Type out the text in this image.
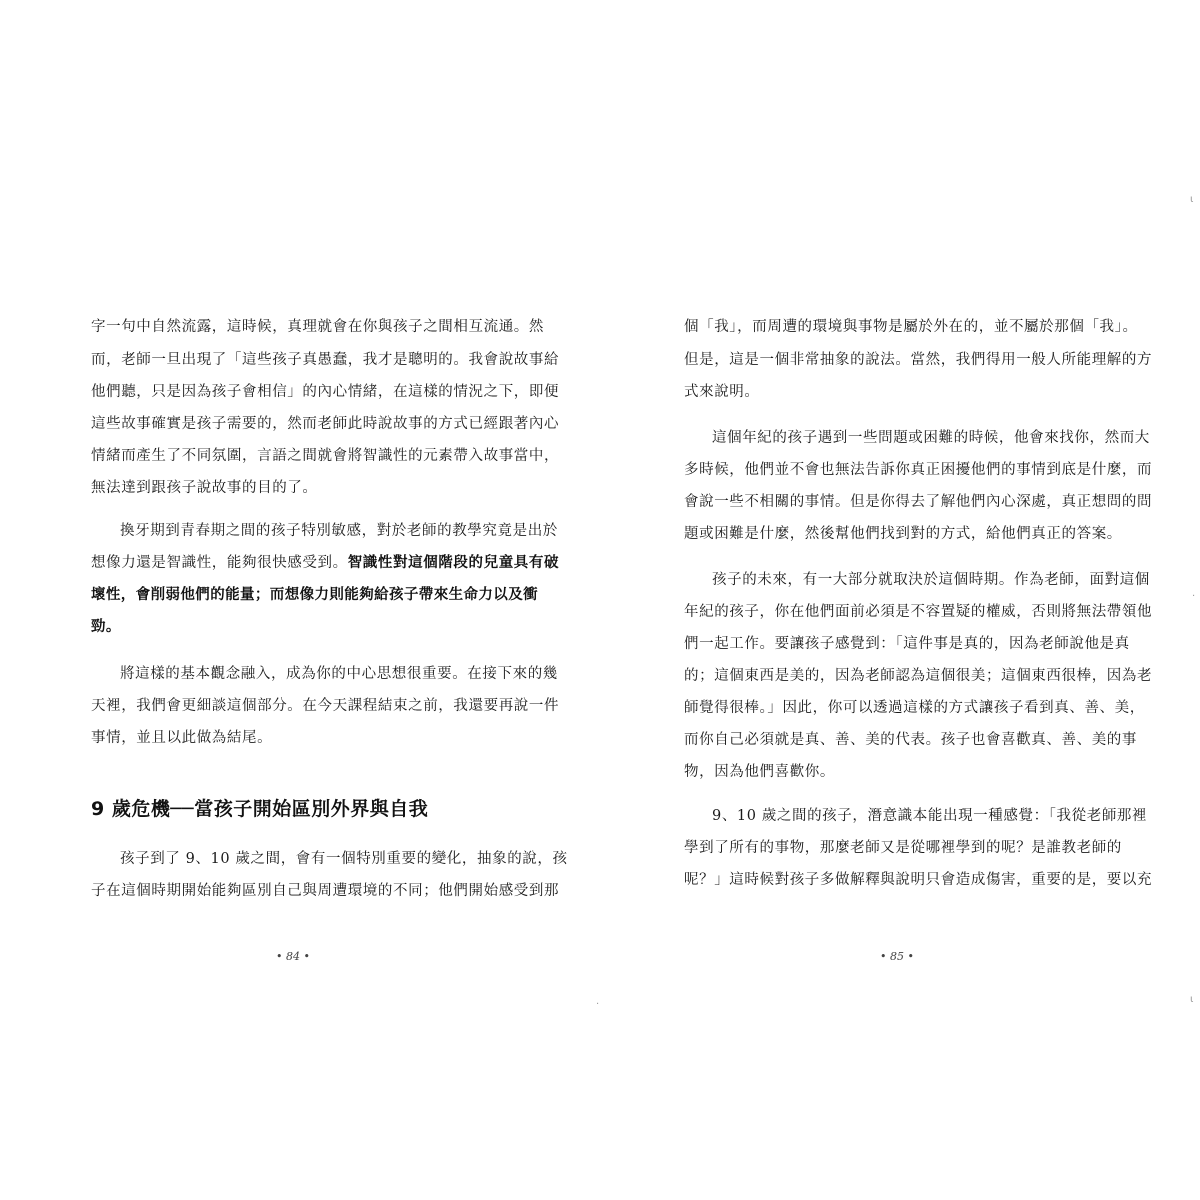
字一句中自然流露，這時候，真理就會在你與孩子之間相互流通。然

而，老師一旦出現了「這些孩子真愚蠢，我才是聰明的。我會說故事給

他們聽，只是因為孩子會相信」的內心情緒，在這樣的情況之下，即便

這些故事確實是孩子需要的，然而老師此時說故事的方式已經跟著內心

情緒而產生了不同氛圍，言語之間就會將智識性的元素帶入故事當中，

無法達到跟孩子說故事的目的了。

換牙期到青春期之間的孩子特別敏感，對於老師的教學究竟是出於

想像力還是智識性，能夠很快感受到。智識性對這個階段的兒童具有破

壞性，會削弱他們的能量；而想像力則能夠給孩子帶來生命力以及衝

勁。

將這樣的基本觀念融入，成為你的中心思想很重要。在接下來的幾

天裡，我們會更細談這個部分。在今天課程結束之前，我還要再說一件

事情，並且以此做為結尾。

9 歲危機──當孩子開始區別外界與自我

孩子到了 9、10 歲之間，會有一個特別重要的變化，抽象的說，孩

子在這個時期開始能夠區別自己與周遭環境的不同；他們開始感受到那

• 84 •

個「我」，而周遭的環境與事物是屬於外在的，並不屬於那個「我」。

但是，這是一個非常抽象的說法。當然，我們得用一般人所能理解的方

式來說明。

這個年紀的孩子遇到一些問題或困難的時候，他會來找你，然而大

多時候，他們並不會也無法告訴你真正困擾他們的事情到底是什麼，而

會說一些不相關的事情。但是你得去了解他們內心深處，真正想問的問

題或困難是什麼，然後幫他們找到對的方式，給他們真正的答案。

孩子的未來，有一大部分就取決於這個時期。作為老師，面對這個

年紀的孩子，你在他們面前必須是不容置疑的權威，否則將無法帶領他

們一起工作。要讓孩子感覺到：「這件事是真的，因為老師說他是真

的；這個東西是美的，因為老師認為這個很美；這個東西很棒，因為老

師覺得很棒。」因此，你可以透過這樣的方式讓孩子看到真、善、美，

而你自己必須就是真、善、美的代表。孩子也會喜歡真、善、美的事

物，因為他們喜歡你。

9、10 歲之間的孩子，潛意識本能出現一種感覺：「我從老師那裡

學到了所有的事物，那麼老師又是從哪裡學到的呢？是誰教老師的

呢？」這時候對孩子多做解釋與說明只會造成傷害，重要的是，要以充

• 85 •

ι
·
ι
·
